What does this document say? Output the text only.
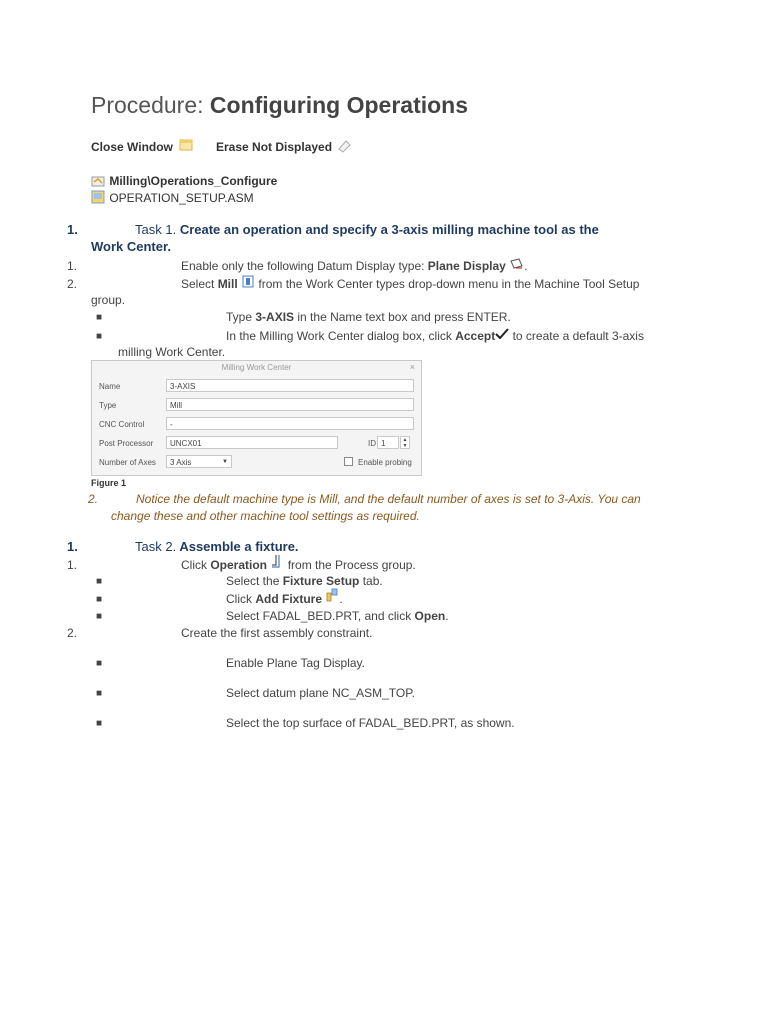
Procedure: Configuring Operations
Close Window	Erase Not Displayed
Milling\Operations_Configure
OPERATION_SETUP.ASM
1.	Task 1. Create an operation and specify a 3-axis milling machine tool as the
Work Center.
1.	Enable only the following Datum Display type: Plane Display .
2.	Select Mill  from the Work Center types drop-down menu in the Machine Tool Setup
group.
■	Type 3-AXIS in the Name text box and press ENTER.
■	In the Milling Work Center dialog box, click Accept to create a default 3-axis
milling Work Center.
Milling Work Center	×
Name	3-AXIS
Type	Mill
CNC Control	-
Post Processor	UNCX01	ID 1	▲
▼
Number of Axes	3 Axis	▼	Enable probing
Figure 1
2.	Notice the default machine type is Mill, and the default number of axes is set to 3-Axis. You can
change these and other machine tool settings as required.
1.	Task 2. Assemble a fixture.
1.	Click Operation  from the Process group.
■	Select the Fixture Setup tab.
■	Click Add Fixture .
■	Select FADAL_BED.PRT, and click Open.
2.	Create the first assembly constraint.
■	Enable Plane Tag Display.
■	Select datum plane NC_ASM_TOP.
■	Select the top surface of FADAL_BED.PRT, as shown.
